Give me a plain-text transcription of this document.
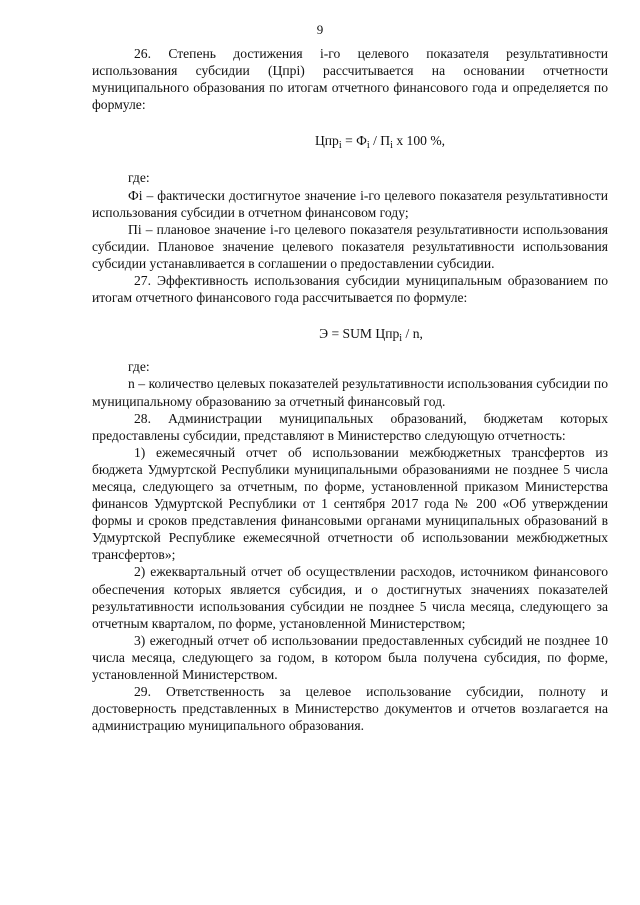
9

26. Степень достижения i-го целевого показателя результативности использования субсидии (Цпрi) рассчитывается на основании отчетности муниципального образования по итогам отчетного финансового года и определяется по формуле:

$Цпр_i = Ф_i / П_i$ х 100 %,

где:

Фi – фактически достигнутое значение i-го целевого показателя результативности использования субсидии в отчетном финансовом году;

Пi – плановое значение i-го целевого показателя результативности использования субсидии. Плановое значение целевого показателя результативности использования субсидии устанавливается в соглашении о предоставлении субсидии.

27. Эффективность использования субсидии муниципальным образованием по итогам отчетного финансового года рассчитывается по формуле:

Э = SUM Цпр$_i$ / n,

где:

n – количество целевых показателей результативности использования субсидии по муниципальному образованию за отчетный финансовый год.

28. Администрации муниципальных образований, бюджетам которых предоставлены субсидии, представляют в Министерство следующую отчетность:

1) ежемесячный отчет об использовании межбюджетных трансфертов из бюджета Удмуртской Республики муниципальными образованиями не позднее 5 числа месяца, следующего за отчетным, по форме, установленной приказом Министерства финансов Удмуртской Республики от 1 сентября 2017 года № 200 «Об утверждении формы и сроков представления финансовыми органами муниципальных образований в Удмуртской Республике ежемесячной отчетности об использовании межбюджетных трансфертов»;

2) ежеквартальный отчет об осуществлении расходов, источником финансового обеспечения которых является субсидия, и о достигнутых значениях показателей результативности использования субсидии не позднее 5 числа месяца, следующего за отчетным кварталом, по форме, установленной Министерством;

3) ежегодный отчет об использовании предоставленных субсидий не позднее 10 числа месяца, следующего за годом, в котором была получена субсидия, по форме, установленной Министерством.

29. Ответственность за целевое использование субсидии, полноту и достоверность представленных в Министерство документов и отчетов возлагается на администрацию муниципального образования.
